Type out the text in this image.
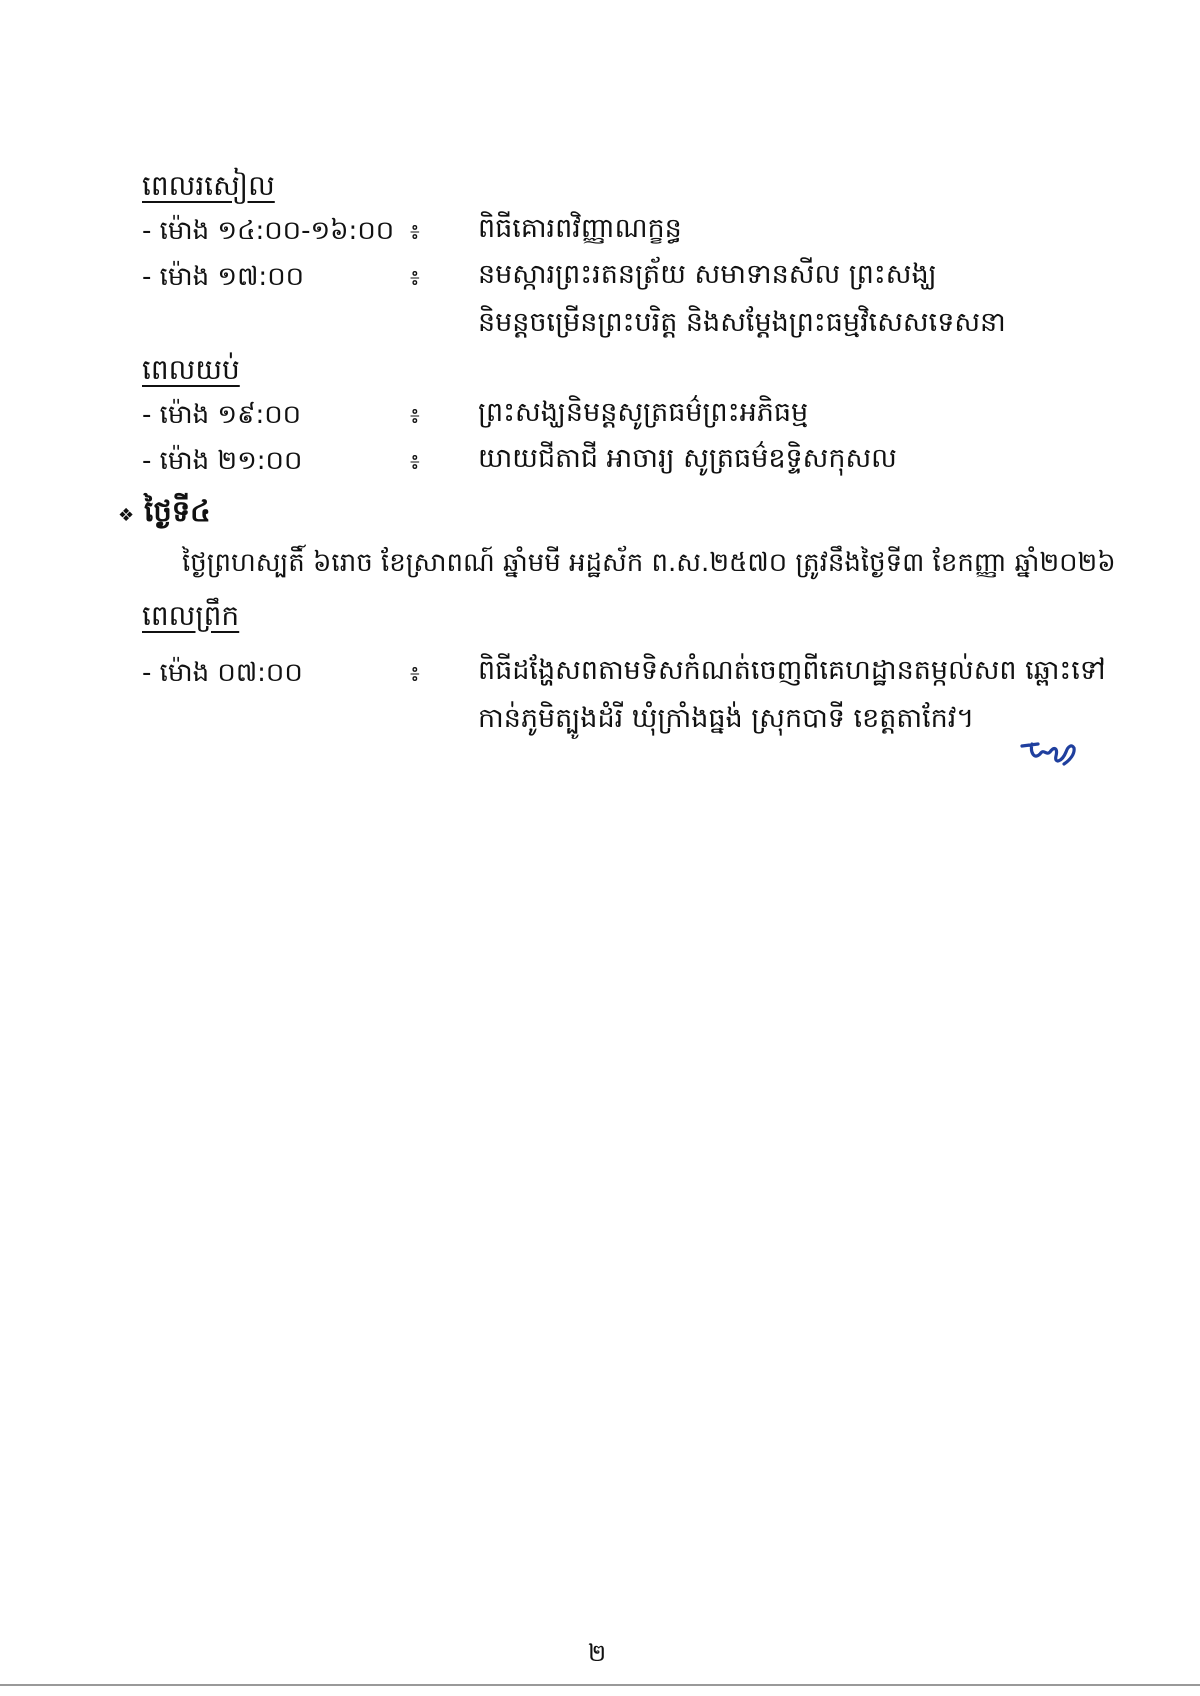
ពេលរសៀល
- ម៉ោង ១៤:០០-១៦:០០ ៖ ពិធីគោរពវិញ្ញាណក្ខន្ធ
- ម៉ោង ១៧:០០	៖ នមស្ការព្រះរតនត្រ័យ សមាទានសីល ព្រះសង្ឃ
និមន្តចម្រើនព្រះបរិត្ត និងសម្តែងព្រះធម្មវិសេសទេសនា
ពេលយប់
- ម៉ោង ១៩:០០	៖ ព្រះសង្ឃនិមន្តសូត្រធម៌ព្រះអភិធម្ម
- ម៉ោង ២១:០០	៖ យាយជីតាជី អាចារ្យ សូត្រធម៌ឧទ្ទិសកុសល
❖ ថ្ងៃទី៤
ថ្ងៃព្រហស្បតិ៍ ៦រោច ខែស្រាពណ៍ ឆ្នាំមមី អដ្ឋស័ក ព.ស.២៥៧០ ត្រូវនឹងថ្ងៃទី៣ ខែកញ្ញា ឆ្នាំ២០២៦
ពេលព្រឹក
- ម៉ោង ០៧:០០	៖ ពិធីដង្ហែសពតាមទិសកំណត់ចេញពីគេហដ្ឋានតម្កល់សព ឆ្ពោះទៅ
កាន់ភូមិត្បូងដំរី ឃុំក្រាំងធ្នង់ ស្រុកបាទី ខេត្តតាកែវ។
២
